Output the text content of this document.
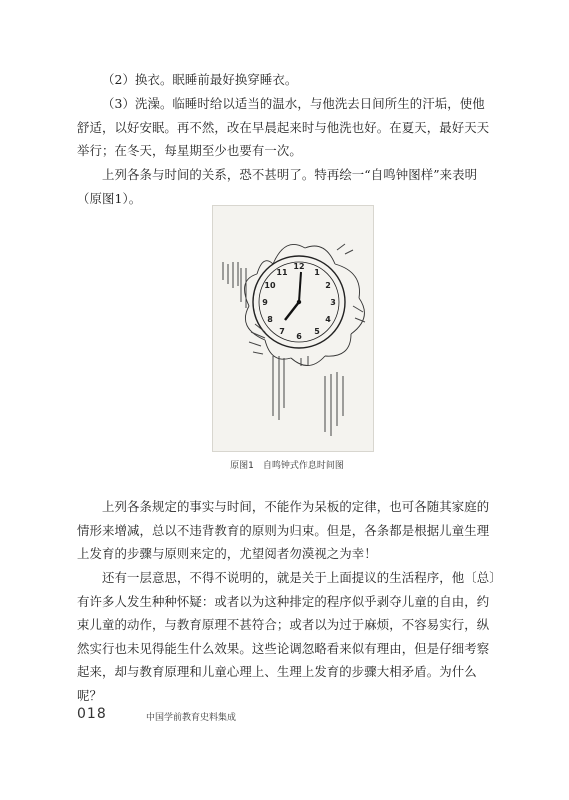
（2）换衣。眠睡前最好换穿睡衣。

（3）洗澡。临睡时给以适当的温水，与他洗去日间所生的汗垢，使他舒适，以好安眠。再不然，改在早晨起来时与他洗也好。在夏天，最好天天举行；在冬天，每星期至少也要有一次。

上列各条与时间的关系，恐不甚明了。特再绘一“自鸣钟图样”来表明（原图1）。

11
12
1
2
3
4
5
6
7
8
9
10
原图1　自鸣钟式作息时间图

上列各条规定的事实与时间，不能作为呆板的定律，也可各随其家庭的情形来增减，总以不违背教育的原则为归束。但是，各条都是根据儿童生理上发育的步骤与原则来定的，尤望阅者勿漠视之为幸！

还有一层意思，不得不说明的，就是关于上面提议的生活程序，他〔总〕有许多人发生种种怀疑：或者以为这种排定的程序似乎剥夺儿童的自由，约束儿童的动作，与教育原理不甚符合；或者以为过于麻烦，不容易实行，纵然实行也未见得能生什么效果。这些论调忽略看来似有理由，但是仔细考察起来，却与教育原理和儿童心理上、生理上发育的步骤大相矛盾。为什么呢？

018	中国学前教育史料集成
